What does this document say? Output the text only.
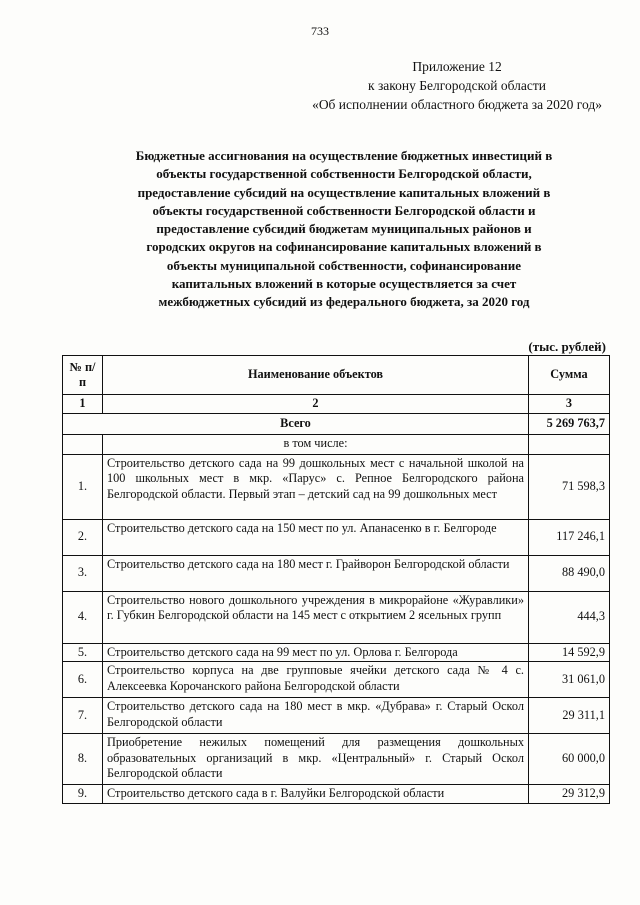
733
Приложение 12
к закону Белгородской области
«Об исполнении областного бюджета за 2020 год»
Бюджетные ассигнования на осуществление бюджетных инвестиций в
объекты государственной собственности Белгородской области,
предоставление субсидий на осуществление капитальных вложений в
объекты государственной собственности Белгородской области и
предоставление субсидий бюджетам муниципальных районов и
городских округов на софинансирование капитальных вложений в
объекты муниципальной собственности, софинансирование
капитальных вложений в которые осуществляется за счет
межбюджетных субсидий из федерального бюджета, за 2020 год
(тыс. рублей)
№ п/п	Наименование объектов	Сумма
1	2	3
Всего		5 269 763,7
	в том числе:	
1.	Строительство детского сада на 99 дошкольных мест с начальной школой на 100 школьных мест в мкр. «Парус» с. Репное Белгородского района Белгородской области. Первый этап – детский сад на 99 дошкольных мест	71 598,3
2.	Строительство детского сада на 150 мест по ул. Апанасенко в г. Белгороде	117 246,1
3.	Строительство детского сада на 180 мест г. Грайворон Белгородской области	88 490,0
4.	Строительство нового дошкольного учреждения в микрорайоне «Журавлики» г. Губкин Белгородской области на 145 мест с открытием 2 ясельных групп	444,3
5.	Строительство детского сада на 99 мест по ул. Орлова г. Белгорода	14 592,9
6.	Строительство корпуса на две групповые ячейки детского сада № 4 с. Алексеевка Корочанского района Белгородской области	31 061,0
7.	Строительство детского сада на 180 мест в мкр. «Дубрава» г. Старый Оскол Белгородской области	29 311,1
8.	Приобретение нежилых помещений для размещения дошкольных образовательных организаций в мкр. «Центральный» г. Старый Оскол Белгородской области	60 000,0
9.	Строительство детского сада в г. Валуйки Белгородской области	29 312,9
